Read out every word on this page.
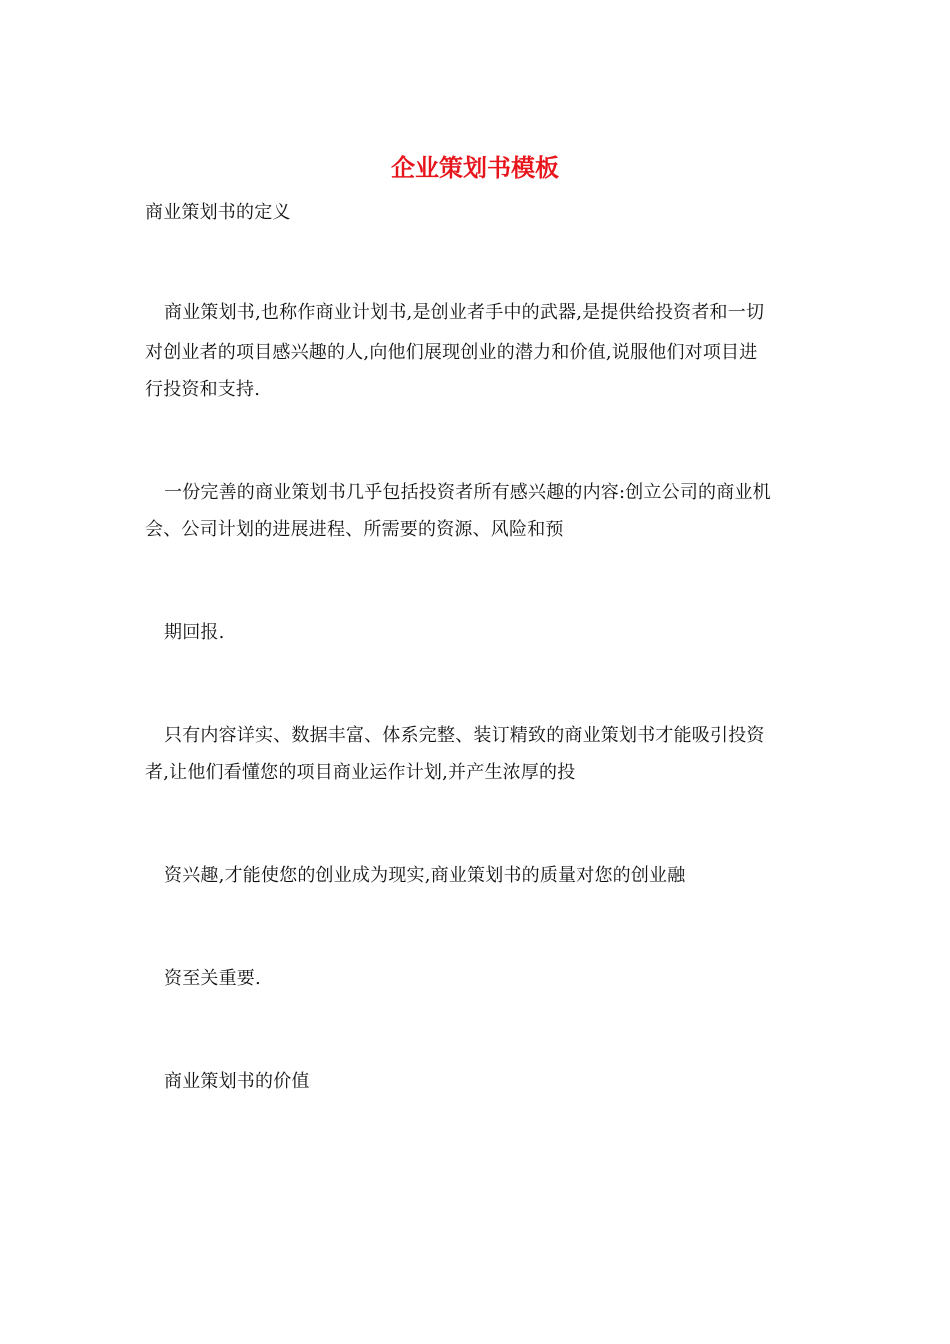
企业策划书模板
商业策划书的定义
商业策划书,也称作商业计划书,是创业者手中的武器,是提供给投资者和一切
对创业者的项目感兴趣的人,向他们展现创业的潜力和价值,说服他们对项目进
行投资和支持.
一份完善的商业策划书几乎包括投资者所有感兴趣的内容:创立公司的商业机
会、公司计划的进展进程、所需要的资源、风险和预
期回报.
只有内容详实、数据丰富、体系完整、装订精致的商业策划书才能吸引投资
者,让他们看懂您的项目商业运作计划,并产生浓厚的投
资兴趣,才能使您的创业成为现实,商业策划书的质量对您的创业融
资至关重要.
商业策划书的价值
